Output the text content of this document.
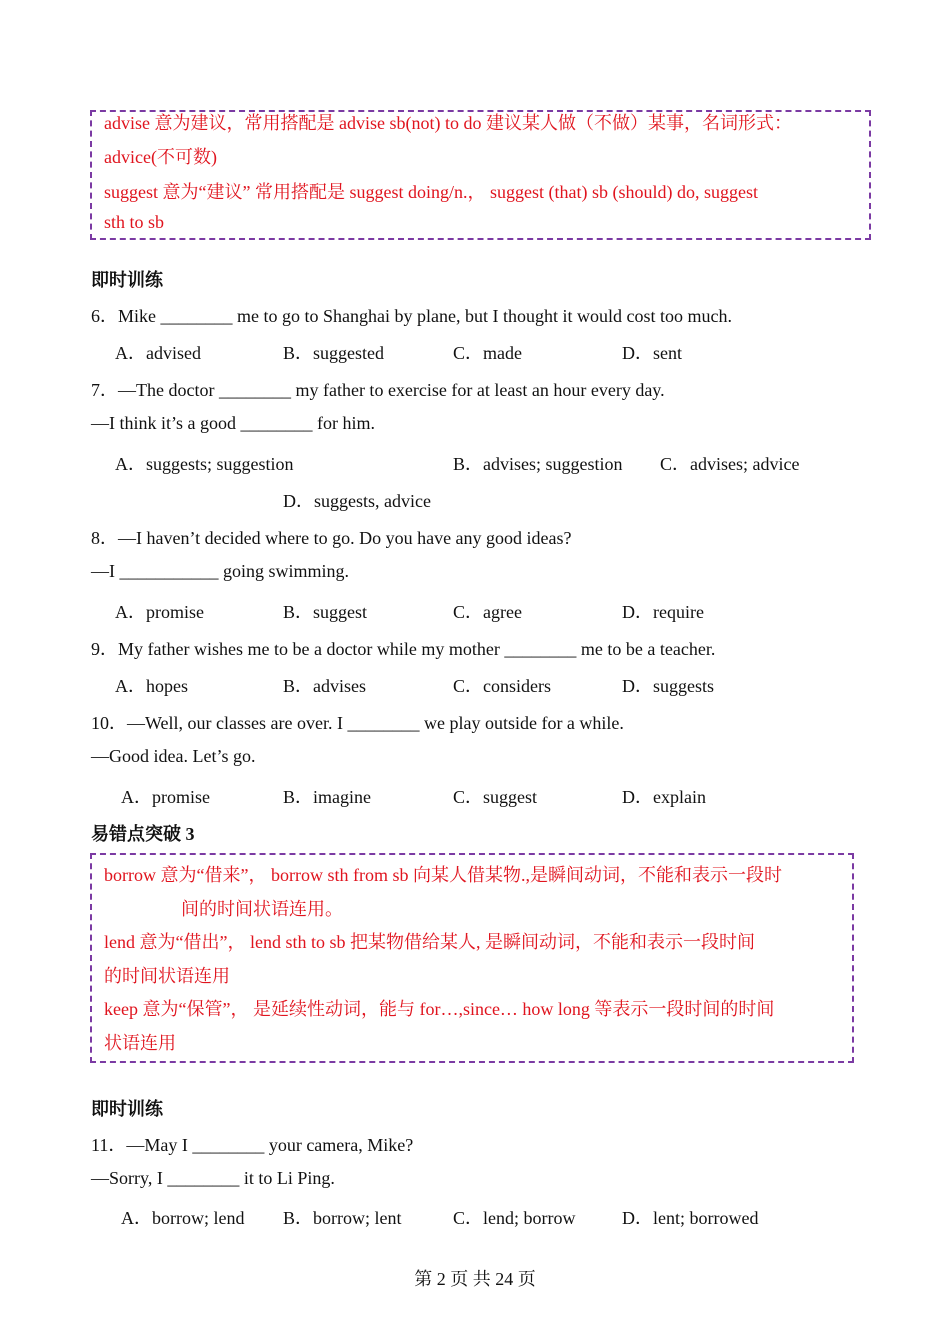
advise 意为建议，常用搭配是 advise sb(not) to do 建议某人做（不做）某事，名词形式：
advice(不可数)
suggest 意为“建议” 常用搭配是 suggest doing/n.， suggest (that) sb (should) do, suggest
sth to sb
即时训练
6．Mike ________ me to go to Shanghai by plane, but I thought it would cost too much.
A．advised	B．suggested	C．made	D．sent
7．—The doctor ________ my father to exercise for at least an hour every day.
—I think it’s a good ________ for him.
A．suggests; suggestion	B．advises; suggestion C．advises; advice
D．suggests, advice
8．—I haven’t decided where to go. Do you have any good ideas?
—I ___________ going swimming.
A．promise	B．suggest	C．agree	D．require
9．My father wishes me to be a doctor while my mother ________ me to be a teacher.
A．hopes	B．advises	C．considers	D．suggests
10．—Well, our classes are over. I ________ we play outside for a while.
—Good idea. Let’s go.
A．promise	B．imagine	C．suggest	D．explain
易错点突破 3
borrow 意为“借来”， borrow sth from sb 向某人借某物.,是瞬间动词，不能和表示一段时
间的时间状语连用。
lend 意为“借出”， lend sth to sb 把某物借给某人, 是瞬间动词，不能和表示一段时间
的时间状语连用
keep 意为“保管”， 是延续性动词，能与 for…,since… how long 等表示一段时间的时间
状语连用
即时训练
11．—May I ________ your camera, Mike?
—Sorry, I ________ it to Li Ping.
A．borrow; lend B．borrow; lent	C．lend; borrow	D．lent; borrowed
第 2 页 共 24 页
